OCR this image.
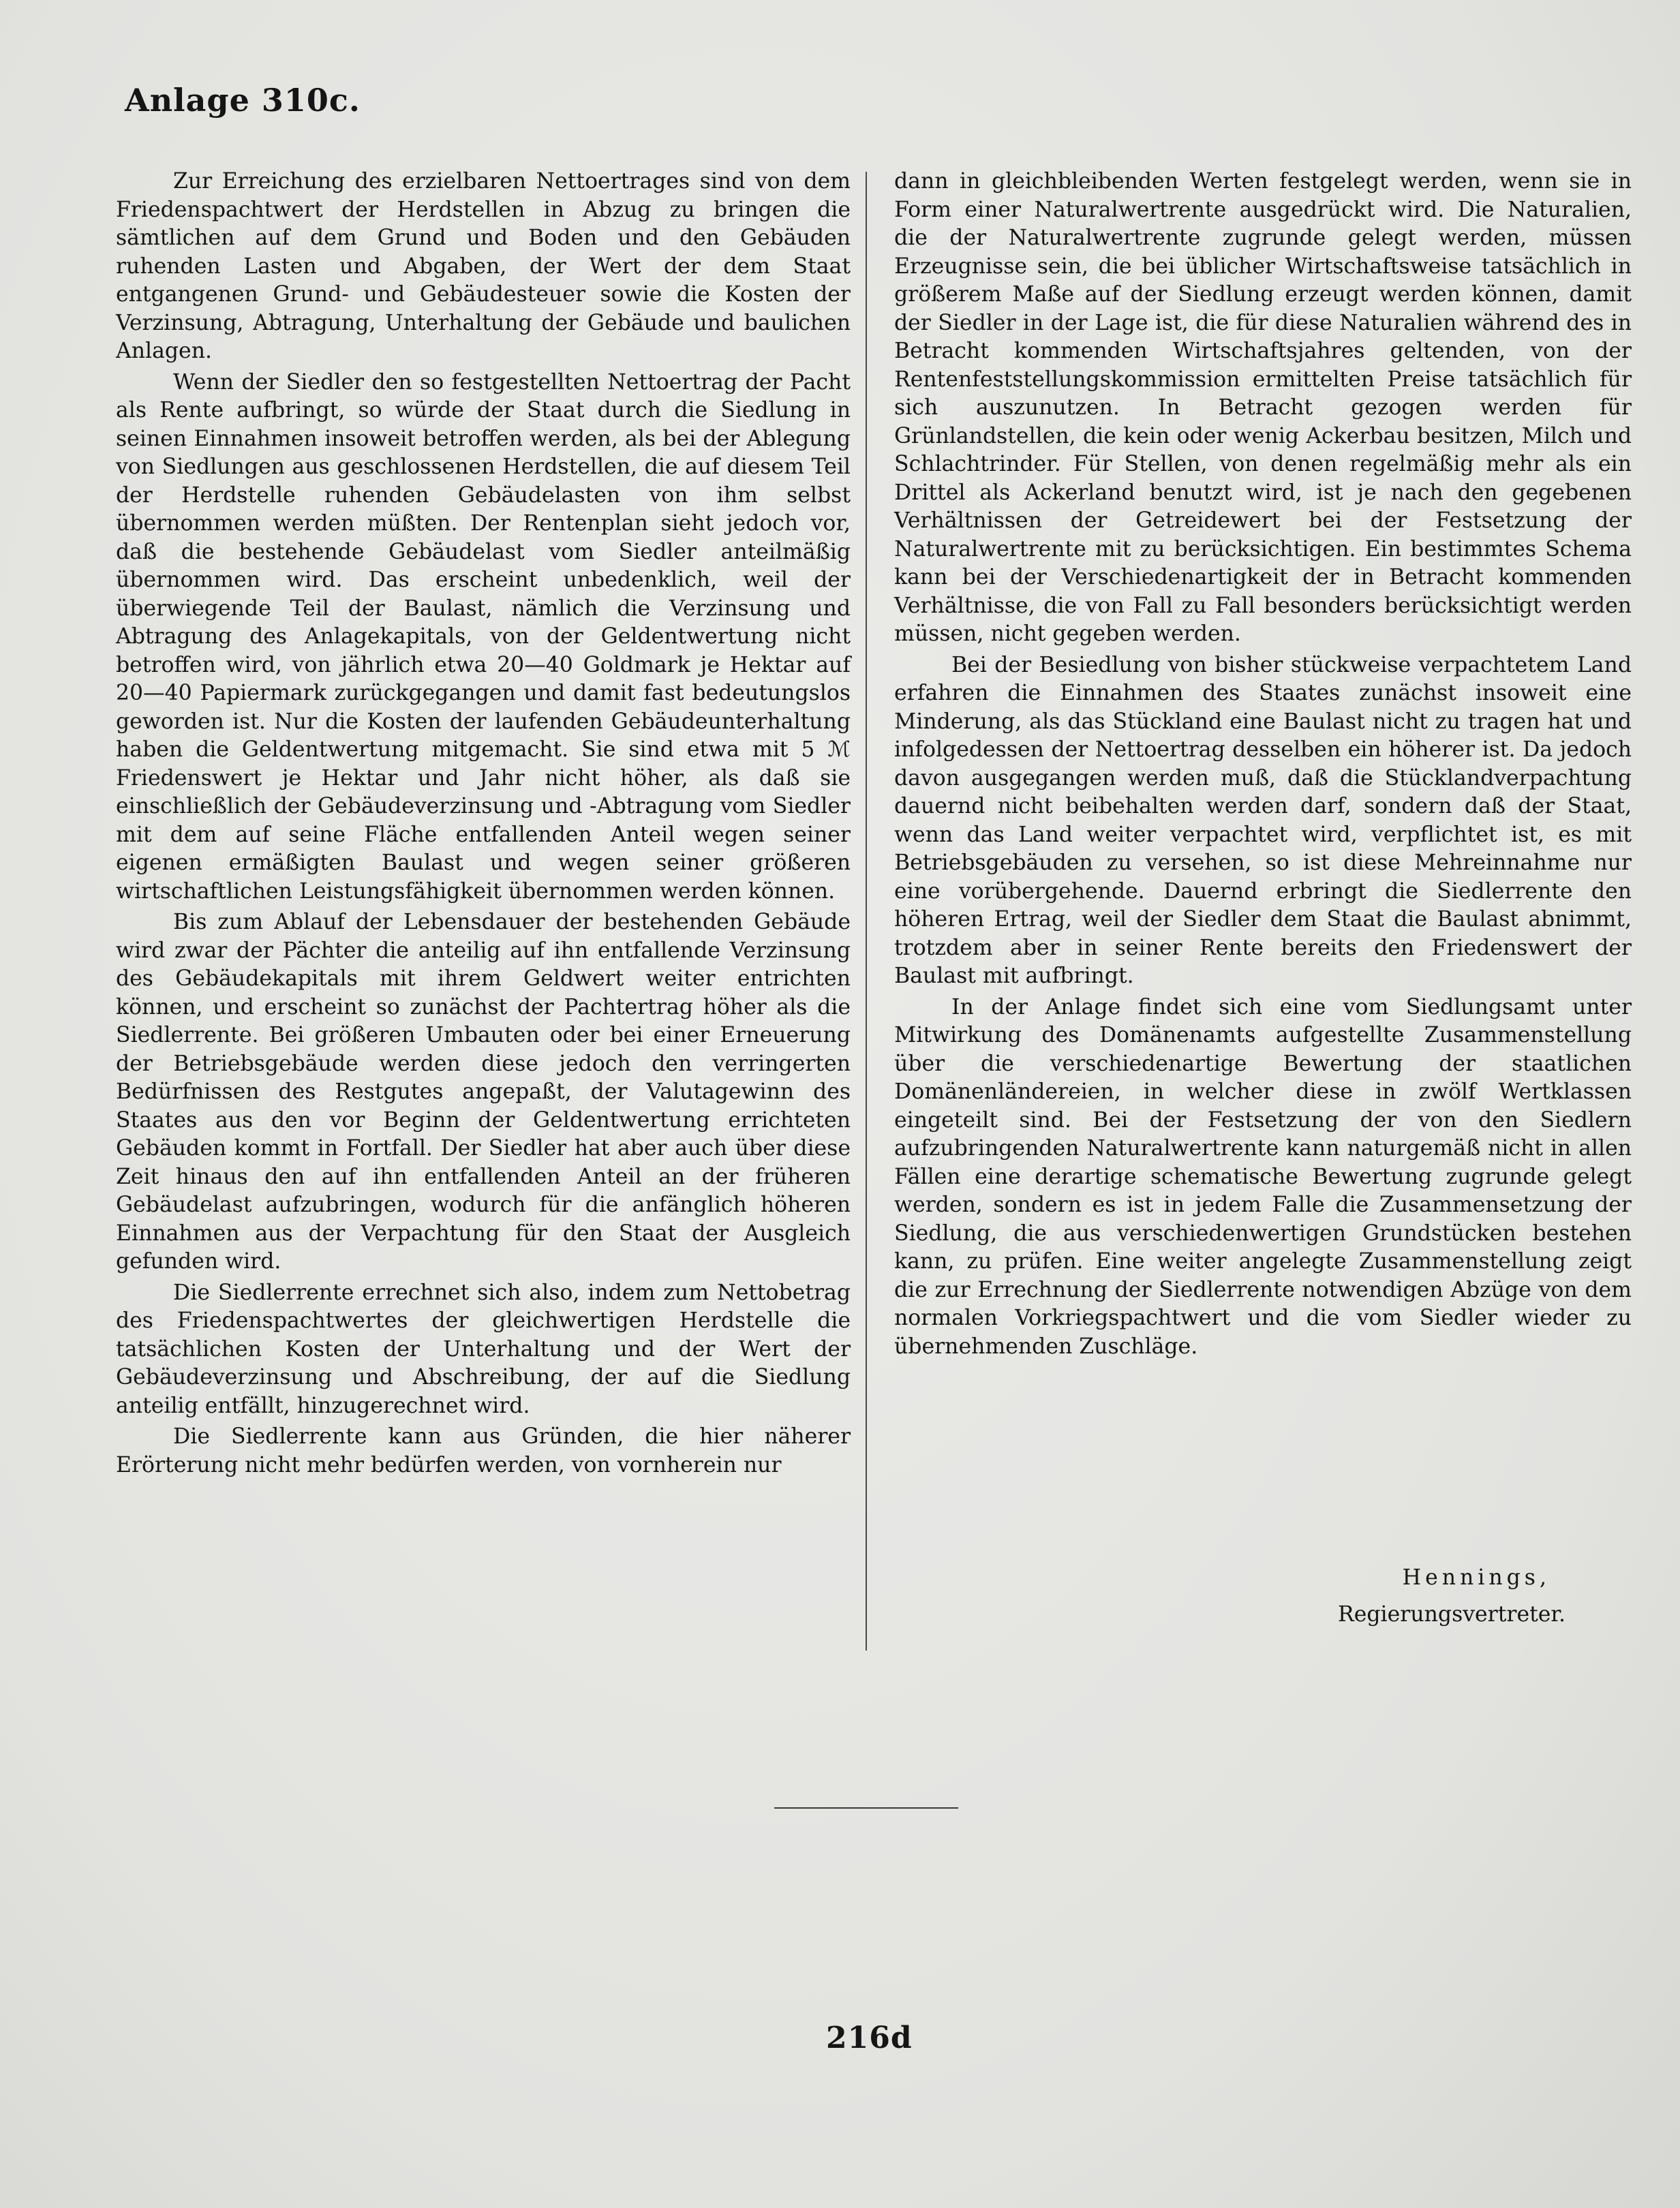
Anlage 310c.

Zur Erreichung des erzielbaren Nettoertrages sind von dem Friedenspachtwert der Herdstellen in Abzug zu bringen die sämtlichen auf dem Grund und Boden und den Gebäuden ruhenden Lasten und Abgaben, der Wert der dem Staat entgangenen Grund- und Gebäudesteuer sowie die Kosten der Verzinsung, Abtragung, Unterhaltung der Gebäude und baulichen Anlagen.

Wenn der Siedler den so festgestellten Nettoertrag der Pacht als Rente aufbringt, so würde der Staat durch die Siedlung in seinen Einnahmen insoweit betroffen werden, als bei der Ablegung von Siedlungen aus geschlossenen Herdstellen, die auf diesem Teil der Herdstelle ruhenden Gebäudelasten von ihm selbst übernommen werden müßten. Der Rentenplan sieht jedoch vor, daß die bestehende Gebäudelast vom Siedler anteilmäßig übernommen wird. Das erscheint unbedenklich, weil der überwiegende Teil der Baulast, nämlich die Verzinsung und Abtragung des Anlagekapitals, von der Geldentwertung nicht betroffen wird, von jährlich etwa 20—40 Goldmark je Hektar auf 20—40 Papiermark zurückgegangen und damit fast bedeutungslos geworden ist. Nur die Kosten der laufenden Gebäudeunterhaltung haben die Geldentwertung mitgemacht. Sie sind etwa mit 5 ℳ Friedenswert je Hektar und Jahr nicht höher, als daß sie einschließlich der Gebäudeverzinsung und -Abtragung vom Siedler mit dem auf seine Fläche entfallenden Anteil wegen seiner eigenen ermäßigten Baulast und wegen seiner größeren wirtschaftlichen Leistungsfähigkeit übernommen werden können.

Bis zum Ablauf der Lebensdauer der bestehenden Gebäude wird zwar der Pächter die anteilig auf ihn entfallende Verzinsung des Gebäudekapitals mit ihrem Geldwert weiter entrichten können, und erscheint so zunächst der Pachtertrag höher als die Siedlerrente. Bei größeren Umbauten oder bei einer Erneuerung der Betriebsgebäude werden diese jedoch den verringerten Bedürfnissen des Restgutes angepaßt, der Valutagewinn des Staates aus den vor Beginn der Geldentwertung errichteten Gebäuden kommt in Fortfall. Der Siedler hat aber auch über diese Zeit hinaus den auf ihn entfallenden Anteil an der früheren Gebäudelast aufzubringen, wodurch für die anfänglich höheren Einnahmen aus der Verpachtung für den Staat der Ausgleich gefunden wird.

Die Siedlerrente errechnet sich also, indem zum Nettobetrag des Friedenspachtwertes der gleichwertigen Herdstelle die tatsächlichen Kosten der Unterhaltung und der Wert der Gebäudeverzinsung und Abschreibung, der auf die Siedlung anteilig entfällt, hinzugerechnet wird.

Die Siedlerrente kann aus Gründen, die hier näherer Erörterung nicht mehr bedürfen werden, von vornherein nur

dann in gleichbleibenden Werten festgelegt werden, wenn sie in Form einer Naturalwertrente ausgedrückt wird. Die Naturalien, die der Naturalwertrente zugrunde gelegt werden, müssen Erzeugnisse sein, die bei üblicher Wirtschaftsweise tatsächlich in größerem Maße auf der Siedlung erzeugt werden können, damit der Siedler in der Lage ist, die für diese Naturalien während des in Betracht kommenden Wirtschaftsjahres geltenden, von der Rentenfeststellungskommission ermittelten Preise tatsächlich für sich auszunutzen. In Betracht gezogen werden für Grünlandstellen, die kein oder wenig Ackerbau besitzen, Milch und Schlachtrinder. Für Stellen, von denen regelmäßig mehr als ein Drittel als Ackerland benutzt wird, ist je nach den gegebenen Verhältnissen der Getreidewert bei der Festsetzung der Naturalwertrente mit zu berücksichtigen. Ein bestimmtes Schema kann bei der Verschiedenartigkeit der in Betracht kommenden Verhältnisse, die von Fall zu Fall besonders berücksichtigt werden müssen, nicht gegeben werden.

Bei der Besiedlung von bisher stückweise verpachtetem Land erfahren die Einnahmen des Staates zunächst insoweit eine Minderung, als das Stückland eine Baulast nicht zu tragen hat und infolgedessen der Nettoertrag desselben ein höherer ist. Da jedoch davon ausgegangen werden muß, daß die Stücklandverpachtung dauernd nicht beibehalten werden darf, sondern daß der Staat, wenn das Land weiter verpachtet wird, verpflichtet ist, es mit Betriebsgebäuden zu versehen, so ist diese Mehreinnahme nur eine vorübergehende. Dauernd erbringt die Siedlerrente den höheren Ertrag, weil der Siedler dem Staat die Baulast abnimmt, trotzdem aber in seiner Rente bereits den Friedenswert der Baulast mit aufbringt.

In der Anlage findet sich eine vom Siedlungsamt unter Mitwirkung des Domänenamts aufgestellte Zusammenstellung über die verschiedenartige Bewertung der staatlichen Domänenländereien, in welcher diese in zwölf Wertklassen eingeteilt sind. Bei der Festsetzung der von den Siedlern aufzubringenden Naturalwertrente kann naturgemäß nicht in allen Fällen eine derartige schematische Bewertung zugrunde gelegt werden, sondern es ist in jedem Falle die Zusammensetzung der Siedlung, die aus verschiedenwertigen Grundstücken bestehen kann, zu prüfen. Eine weiter angelegte Zusammenstellung zeigt die zur Errechnung der Siedlerrente notwendigen Abzüge von dem normalen Vorkriegspachtwert und die vom Siedler wieder zu übernehmenden Zuschläge.

Hennings,
Regierungsvertreter.
216d
